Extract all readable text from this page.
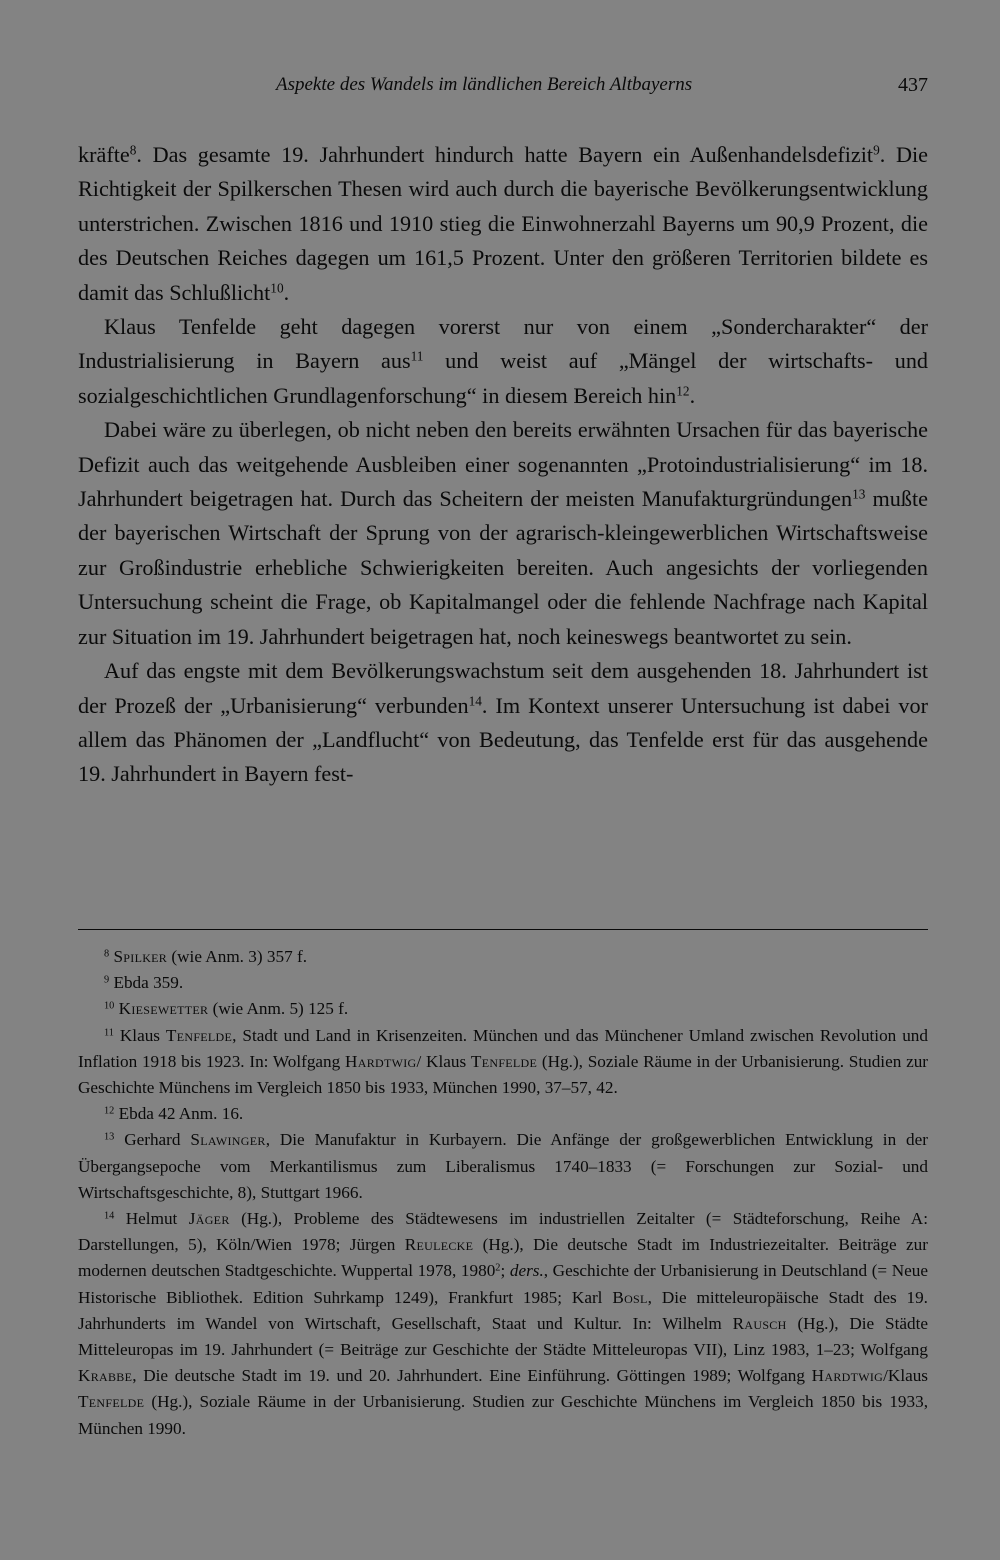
Aspekte des Wandels im ländlichen Bereich Altbayerns	437

kräfte$^8$. Das gesamte 19. Jahrhundert hindurch hatte Bayern ein Außenhandelsdefizit$^9$. Die Richtigkeit der Spilkerschen Thesen wird auch durch die bayerische Bevölkerungsentwicklung unterstrichen. Zwischen 1816 und 1910 stieg die Einwohnerzahl Bayerns um 90,9 Prozent, die des Deutschen Reiches dagegen um 161,5 Prozent. Unter den größeren Territorien bildete es damit das Schlußlicht$^{10}$.

Klaus Tenfelde geht dagegen vorerst nur von einem „Sondercharakter“ der Industrialisierung in Bayern aus$^{11}$ und weist auf „Mängel der wirtschafts- und sozialgeschichtlichen Grundlagenforschung“ in diesem Bereich hin$^{12}$.

Dabei wäre zu überlegen, ob nicht neben den bereits erwähnten Ursachen für das bayerische Defizit auch das weitgehende Ausbleiben einer sogenannten „Protoindustrialisierung“ im 18. Jahrhundert beigetragen hat. Durch das Scheitern der meisten Manufakturgründungen$^{13}$ mußte der bayerischen Wirtschaft der Sprung von der agrarisch-kleingewerblichen Wirtschaftsweise zur Großindustrie erhebliche Schwierigkeiten bereiten. Auch angesichts der vorliegenden Untersuchung scheint die Frage, ob Kapitalmangel oder die fehlende Nachfrage nach Kapital zur Situation im 19. Jahrhundert beigetragen hat, noch keineswegs beantwortet zu sein.

Auf das engste mit dem Bevölkerungswachstum seit dem ausgehenden 18. Jahrhundert ist der Prozeß der „Urbanisierung“ verbunden$^{14}$. Im Kontext unserer Untersuchung ist dabei vor allem das Phänomen der „Landflucht“ von Bedeutung, das Tenfelde erst für das ausgehende 19. Jahrhundert in Bayern fest-

$^8$ Spilker (wie Anm. 3) 357 f.

$^9$ Ebda 359.

$^{10}$ Kiesewetter (wie Anm. 5) 125 f.

$^{11}$ Klaus Tenfelde, Stadt und Land in Krisenzeiten. München und das Münchener Umland zwischen Revolution und Inflation 1918 bis 1923. In: Wolfgang Hardtwig/ Klaus Tenfelde (Hg.), Soziale Räume in der Urbanisierung. Studien zur Geschichte Münchens im Vergleich 1850 bis 1933, München 1990, 37–57, 42.

$^{12}$ Ebda 42 Anm. 16.

$^{13}$ Gerhard Slawinger, Die Manufaktur in Kurbayern. Die Anfänge der großgewerblichen Entwicklung in der Übergangsepoche vom Merkantilismus zum Liberalismus 1740–1833 (= Forschungen zur Sozial- und Wirtschaftsgeschichte, 8), Stuttgart 1966.

$^{14}$ Helmut Jäger (Hg.), Probleme des Städtewesens im industriellen Zeitalter (= Städteforschung, Reihe A: Darstellungen, 5), Köln/Wien 1978; Jürgen Reulecke (Hg.), Die deutsche Stadt im Industriezeitalter. Beiträge zur modernen deutschen Stadtgeschichte. Wuppertal 1978, 1980$^2$; ders., Geschichte der Urbanisierung in Deutschland (= Neue Historische Bibliothek. Edition Suhrkamp 1249), Frankfurt 1985; Karl Bosl, Die mitteleuropäische Stadt des 19. Jahrhunderts im Wandel von Wirtschaft, Gesellschaft, Staat und Kultur. In: Wilhelm Rausch (Hg.), Die Städte Mitteleuropas im 19. Jahrhundert (= Beiträge zur Geschichte der Städte Mitteleuropas VII), Linz 1983, 1–23; Wolfgang Krabbe, Die deutsche Stadt im 19. und 20. Jahrhundert. Eine Einführung. Göttingen 1989; Wolfgang Hardtwig/Klaus Tenfelde (Hg.), Soziale Räume in der Urbanisierung. Studien zur Geschichte Münchens im Vergleich 1850 bis 1933, München 1990.
